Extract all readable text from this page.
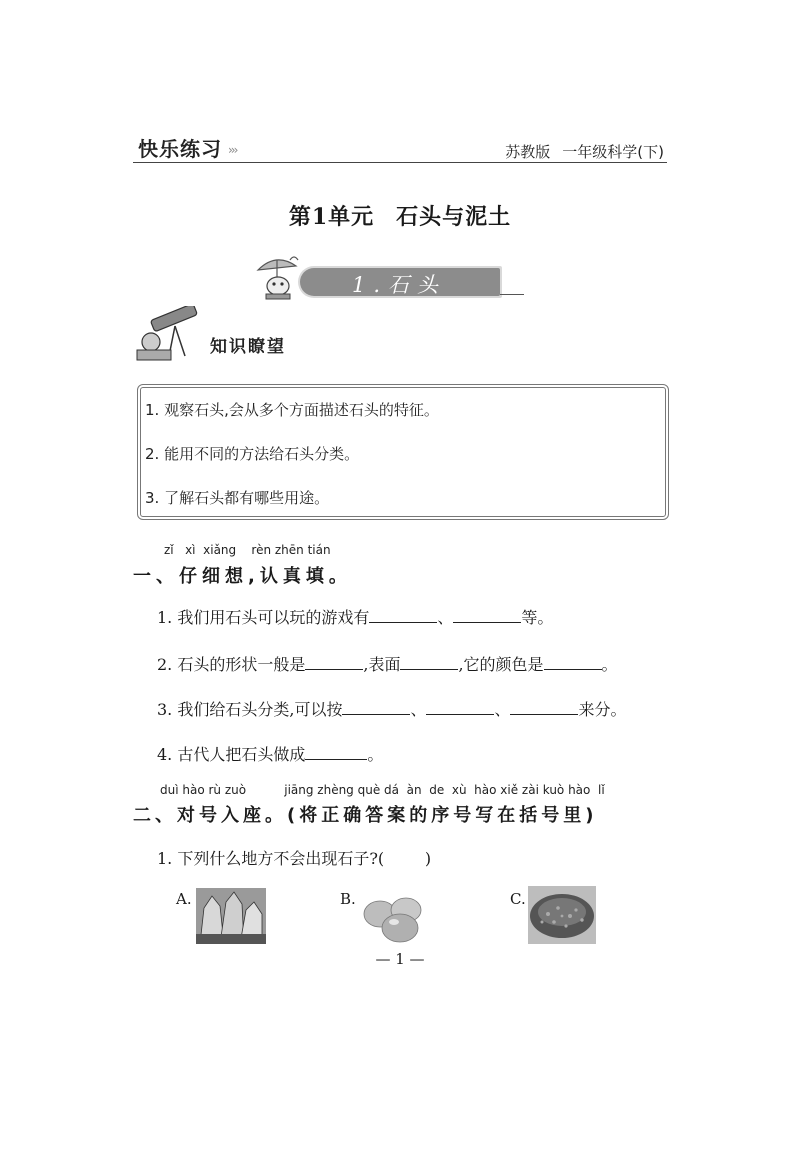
快乐练习 ›››	苏教版 一年级科学(下)
第1单元 石头与泥土
1.石头
知识瞭望
1. 观察石头,会从多个方面描述石头的特征。
2. 能用不同的方法给石头分类。
3. 了解石头都有哪些用途。
zǐ   xì  xiǎng    rèn zhēn tián
一、仔细想,认真填。
1. 我们用石头可以玩的游戏有	、	等。
2. 石头的形状一般是	,表面	,它的颜色是	。
3. 我们给石头分类,可以按	、	、	来分。
4. 古代人把石头做成	。
duì hào rù zuò          jiāng zhèng què dá  àn  de  xù  hào xiě zài kuò hào  lǐ
二、对号入座。(将正确答案的序号写在括号里)
1. 下列什么地方不会出现石子?(        )
A.	B.	C.
— 1 —
